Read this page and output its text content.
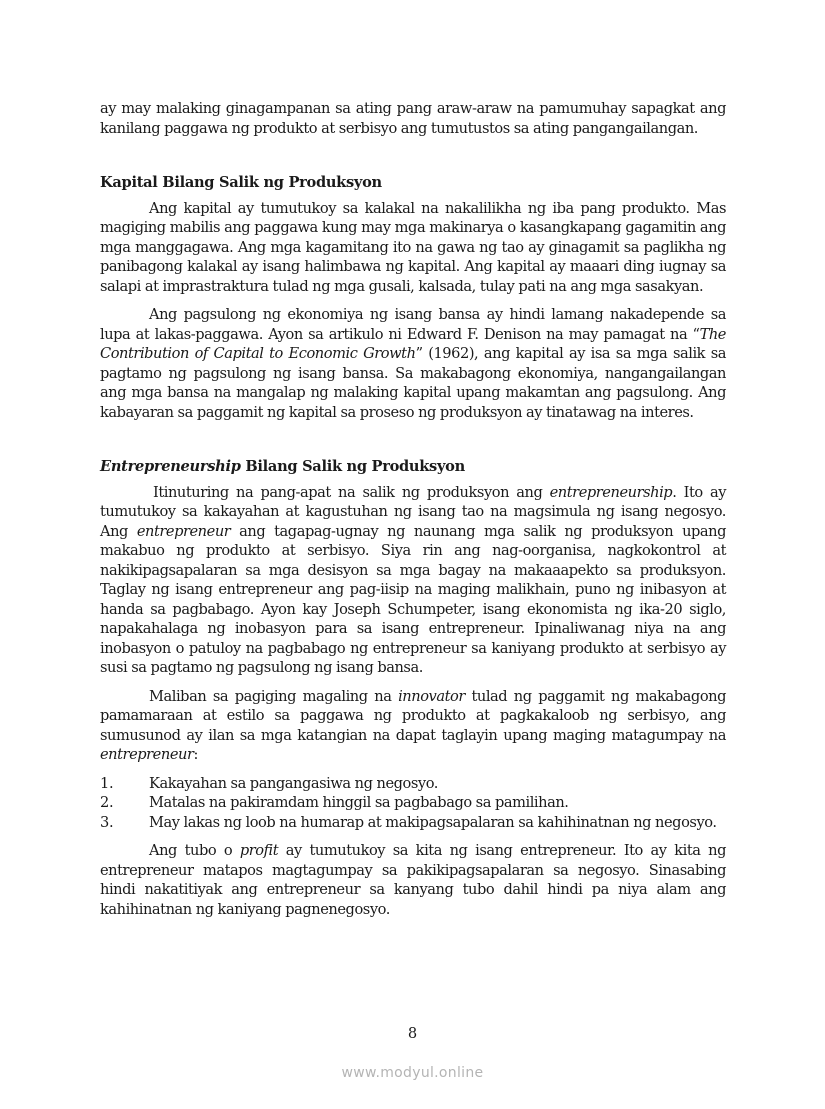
ay may malaking ginagampanan sa ating pang araw-araw na pamumuhay sapagkat ang kanilang paggawa ng produkto at serbisyo ang tumutustos sa ating pangangailangan.

Kapital Bilang Salik ng Produksyon

Ang kapital ay tumutukoy sa kalakal na nakalilikha ng iba pang produkto. Mas magiging mabilis ang paggawa kung may mga makinarya o kasangkapang gagamitin ang mga manggagawa. Ang mga kagamitang ito na gawa ng tao ay ginagamit sa paglikha ng panibagong kalakal ay isang halimbawa ng kapital. Ang kapital ay maaari ding iugnay sa salapi at imprastraktura tulad ng mga gusali, kalsada, tulay pati na ang mga sasakyan.

Ang pagsulong ng ekonomiya ng isang bansa ay hindi lamang nakadepende sa lupa at lakas-paggawa. Ayon sa artikulo ni Edward F. Denison na may pamagat na “The Contribution of Capital to Economic Growth” (1962), ang kapital ay isa sa mga salik sa pagtamo ng pagsulong ng isang bansa. Sa makabagong ekonomiya, nangangailangan ang mga bansa na mangalap ng malaking kapital upang makamtan ang pagsulong. Ang kabayaran sa paggamit ng kapital sa proseso ng produksyon ay tinatawag na interes.

Entrepreneurship Bilang Salik ng Produksyon

Itinuturing na pang-apat na salik ng produksyon ang entrepreneurship. Ito ay tumutukoy sa kakayahan at kagustuhan ng isang tao na magsimula ng isang negosyo. Ang entrepreneur ang tagapag-ugnay ng naunang mga salik ng produksyon upang makabuo ng produkto at serbisyo. Siya rin ang nag-oorganisa, nagkokontrol at nakikipagsapalaran sa mga desisyon sa mga bagay na makaaapekto sa produksyon. Taglay ng isang entrepreneur ang pag-iisip na maging malikhain, puno ng inibasyon at handa sa pagbabago. Ayon kay Joseph Schumpeter, isang ekonomista ng ika-20 siglo, napakahalaga ng inobasyon para sa isang entrepreneur. Ipinaliwanag niya na ang inobasyon o patuloy na pagbabago ng entrepreneur sa kaniyang produkto at serbisyo ay susi sa pagtamo ng pagsulong ng isang bansa.

Maliban sa pagiging magaling na innovator tulad ng paggamit ng makabagong pamamaraan at estilo sa paggawa ng produkto at pagkakaloob ng serbisyo, ang sumusunod ay ilan sa mga katangian na dapat taglayin upang maging matagumpay na entrepreneur:

1.	Kakayahan sa pangangasiwa ng negosyo.
2.	Matalas na pakiramdam hinggil sa pagbabago sa pamilihan.
3.	May lakas ng loob na humarap at makipagsapalaran sa kahihinatnan ng negosyo.

Ang tubo o profit ay tumutukoy sa kita ng isang entrepreneur. Ito ay kita ng entrepreneur matapos magtagumpay sa pakikipagsapalaran sa negosyo. Sinasabing hindi nakatitiyak ang entrepreneur sa kanyang tubo dahil hindi pa niya alam ang kahihinatnan ng kaniyang pagnenegosyo.

8
www.modyul.online
